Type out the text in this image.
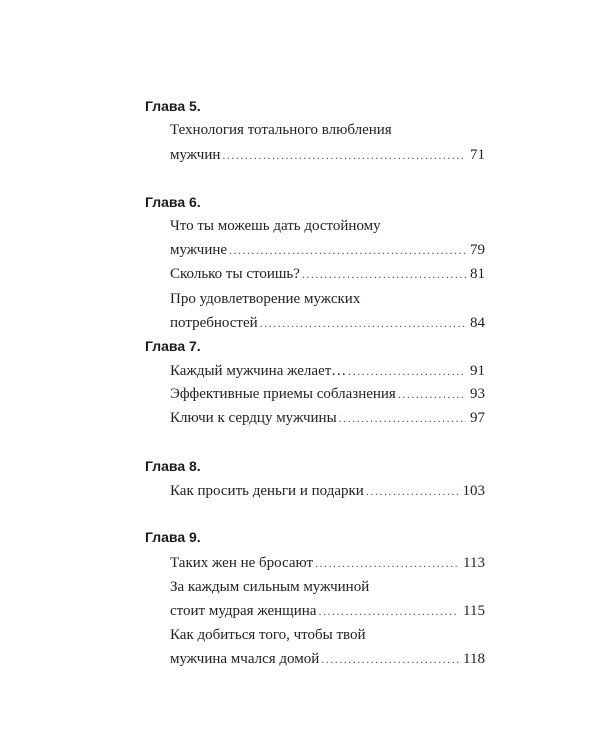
Глава 5.
Технология тотального влюбления
мужчин .....	71
Глава 6.
Что ты можешь дать достойному
мужчине .....	79
Сколько ты стоишь? .....	81
Про удовлетворение мужских
потребностей .....	84
Глава 7.
Каждый мужчина желает… .....	91
Эффективные приемы соблазнения .....	93
Ключи к сердцу мужчины .....	97
Глава 8.
Как просить деньги и подарки .....	103
Глава 9.
Таких жен не бросают .....	113
За каждым сильным мужчиной
стоит мудрая женщина .....	115
Как добиться того, чтобы твой
мужчина мчался домой .....	118
